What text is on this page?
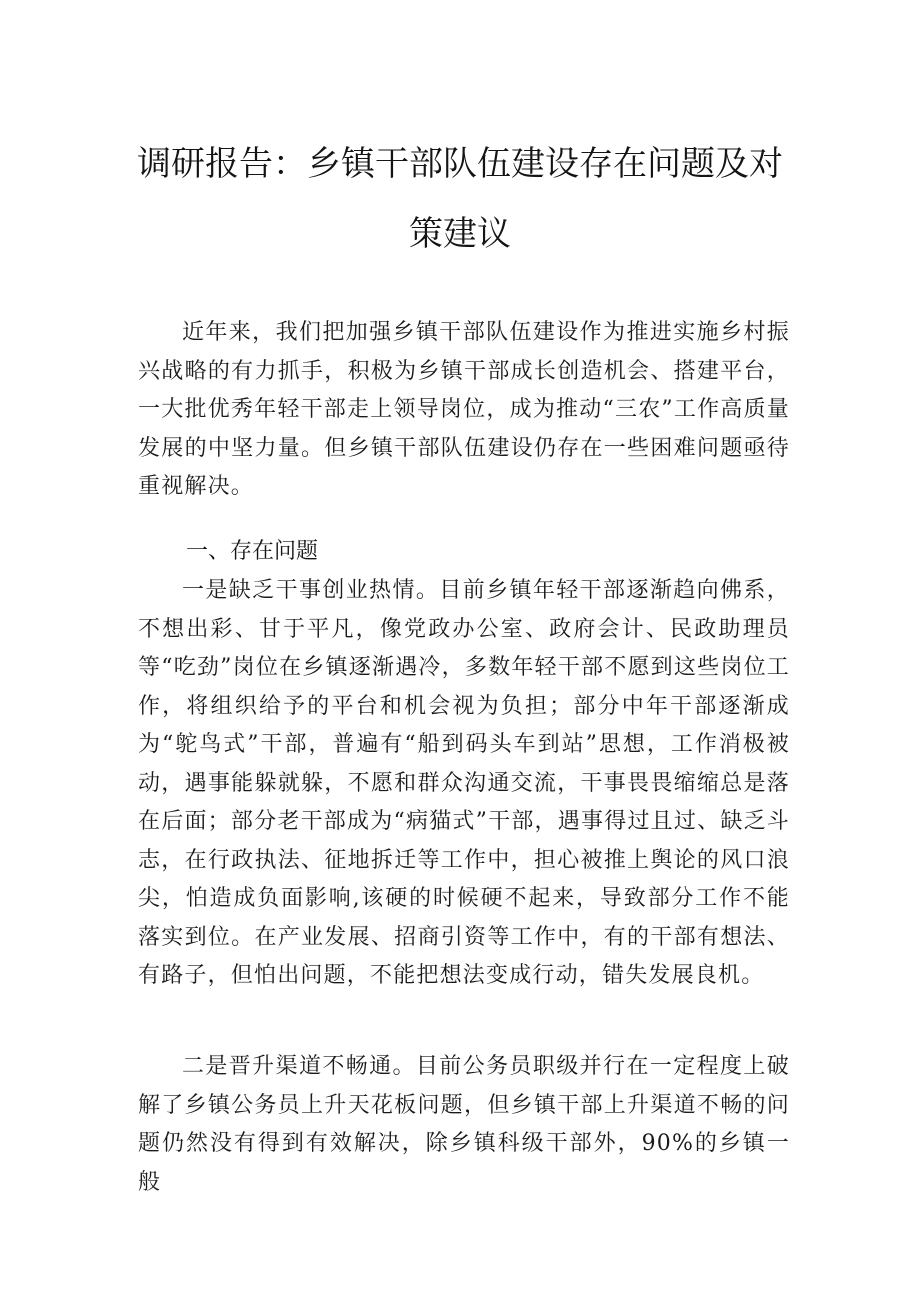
调研报告：乡镇干部队伍建设存在问题及对
策建议

近年来，我们把加强乡镇干部队伍建设作为推进实施乡村振兴战略的有力抓手，积极为乡镇干部成长创造机会、搭建平台，一大批优秀年轻干部走上领导岗位，成为推动“三农”工作高质量发展的中坚力量。但乡镇干部队伍建设仍存在一些困难问题亟待重视解决。

一、存在问题

一是缺乏干事创业热情。目前乡镇年轻干部逐渐趋向佛系，不想出彩、甘于平凡，像党政办公室、政府会计、民政助理员等“吃劲”岗位在乡镇逐渐遇冷，多数年轻干部不愿到这些岗位工作，将组织给予的平台和机会视为负担；部分中年干部逐渐成为“鸵鸟式”干部，普遍有“船到码头车到站”思想，工作消极被动，遇事能躲就躲，不愿和群众沟通交流，干事畏畏缩缩总是落在后面；部分老干部成为“病猫式”干部，遇事得过且过、缺乏斗志，在行政执法、征地拆迁等工作中，担心被推上舆论的风口浪尖，怕造成负面影响,该硬的时候硬不起来，导致部分工作不能落实到位。在产业发展、招商引资等工作中，有的干部有想法、有路子，但怕出问题，不能把想法变成行动，错失发展良机。

二是晋升渠道不畅通。目前公务员职级并行在一定程度上破解了乡镇公务员上升天花板问题，但乡镇干部上升渠道不畅的问题仍然没有得到有效解决，除乡镇科级干部外，90%的乡镇一般
